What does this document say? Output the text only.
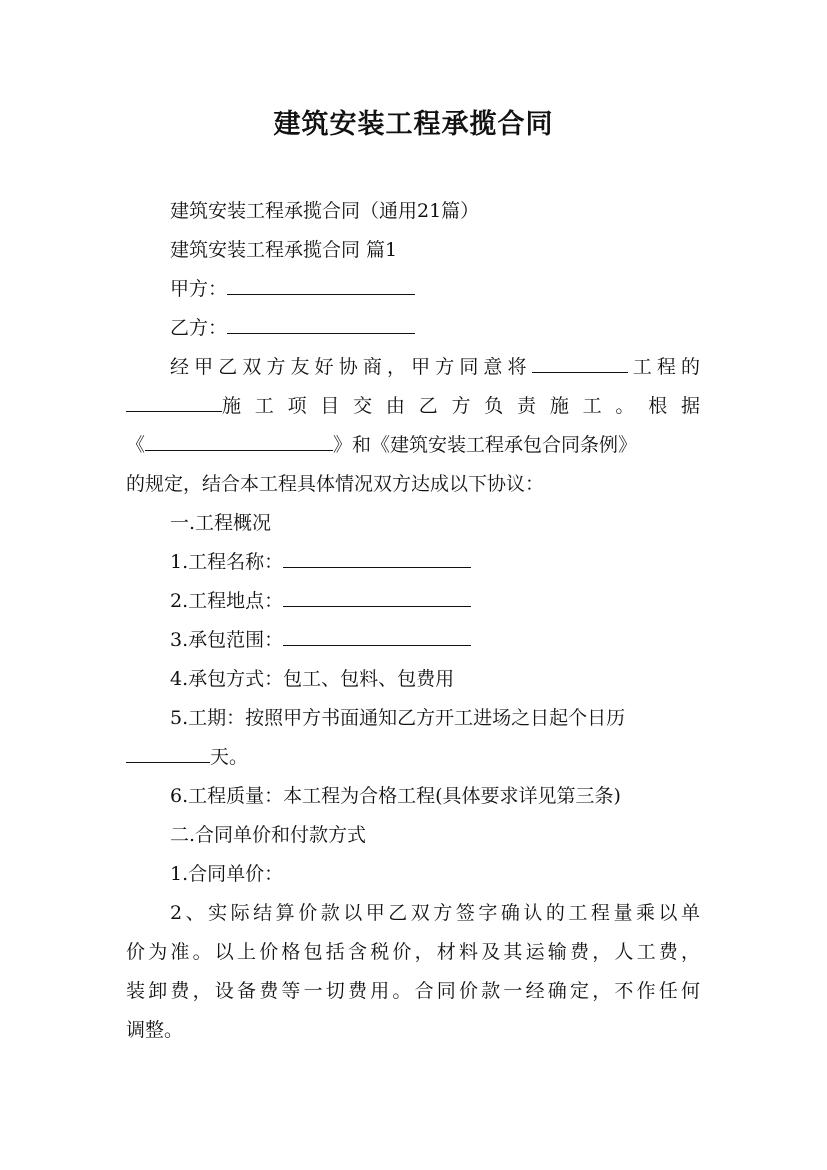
建筑安装工程承揽合同
建筑安装工程承揽合同（通用21篇）
建筑安装工程承揽合同 篇1
甲方：
乙方：
经甲乙双方友好协商，甲方同意将	工程的
施工项目交由乙方负责施工。根据
《	》和《建筑安装工程承包合同条例》
的规定，结合本工程具体情况双方达成以下协议：
一.工程概况
1.工程名称：
2.工程地点：
3.承包范围：
4.承包方式：包工、包料、包费用
5.工期：按照甲方书面通知乙方开工进场之日起个日历
天。
6.工程质量：本工程为合格工程(具体要求详见第三条)
二.合同单价和付款方式
1.合同单价：
2、实际结算价款以甲乙双方签字确认的工程量乘以单
价为准。以上价格包括含税价，材料及其运输费，人工费，
装卸费，设备费等一切费用。合同价款一经确定，不作任何
调整。
